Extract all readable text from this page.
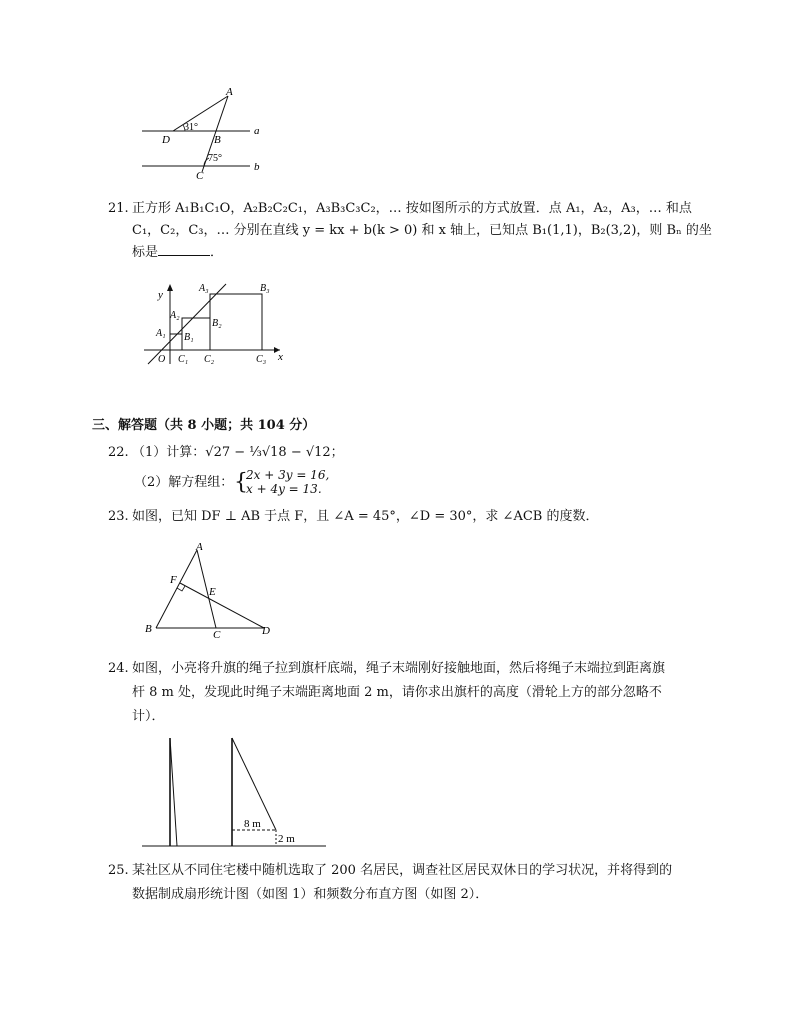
A
D
31°
B
75°
C
a
b
21. 正方形 A₁B₁C₁O，A₂B₂C₂C₁，A₃B₃C₃C₂，… 按如图所示的方式放置．点 A₁，A₂，A₃，… 和点
C₁，C₂，C₃，… 分别在直线 y = kx + b(k > 0) 和 x 轴上，已知点 B₁(1,1)，B₂(3,2)，则 Bₙ 的坐
标是	．
y
x
O
A₁
A₂
A₃
B₁
B₂
B₃
C₁ C₂	C₃
三、解答题（共 8 小题；共 104 分）
22. （1）计算：√27 − ⅓√18 − √12；
（2）解方程组： {
2x + 3y = 16,
x + 4y = 13.
23. 如图，已知 DF ⊥ AB 于点 F，且 ∠A = 45°，∠D = 30°，求 ∠ACB 的度数．
A
F
E
B	C	D
24. 如图，小亮将升旗的绳子拉到旗杆底端，绳子末端刚好接触地面，然后将绳子末端拉到距离旗
杆 8 m 处，发现此时绳子末端距离地面 2 m，请你求出旗杆的高度（滑轮上方的部分忽略不
计）．
8 m
2 m
25. 某社区从不同住宅楼中随机选取了 200 名居民，调查社区居民双休日的学习状况，并将得到的
数据制成扇形统计图（如图 1）和频数分布直方图（如图 2）．
